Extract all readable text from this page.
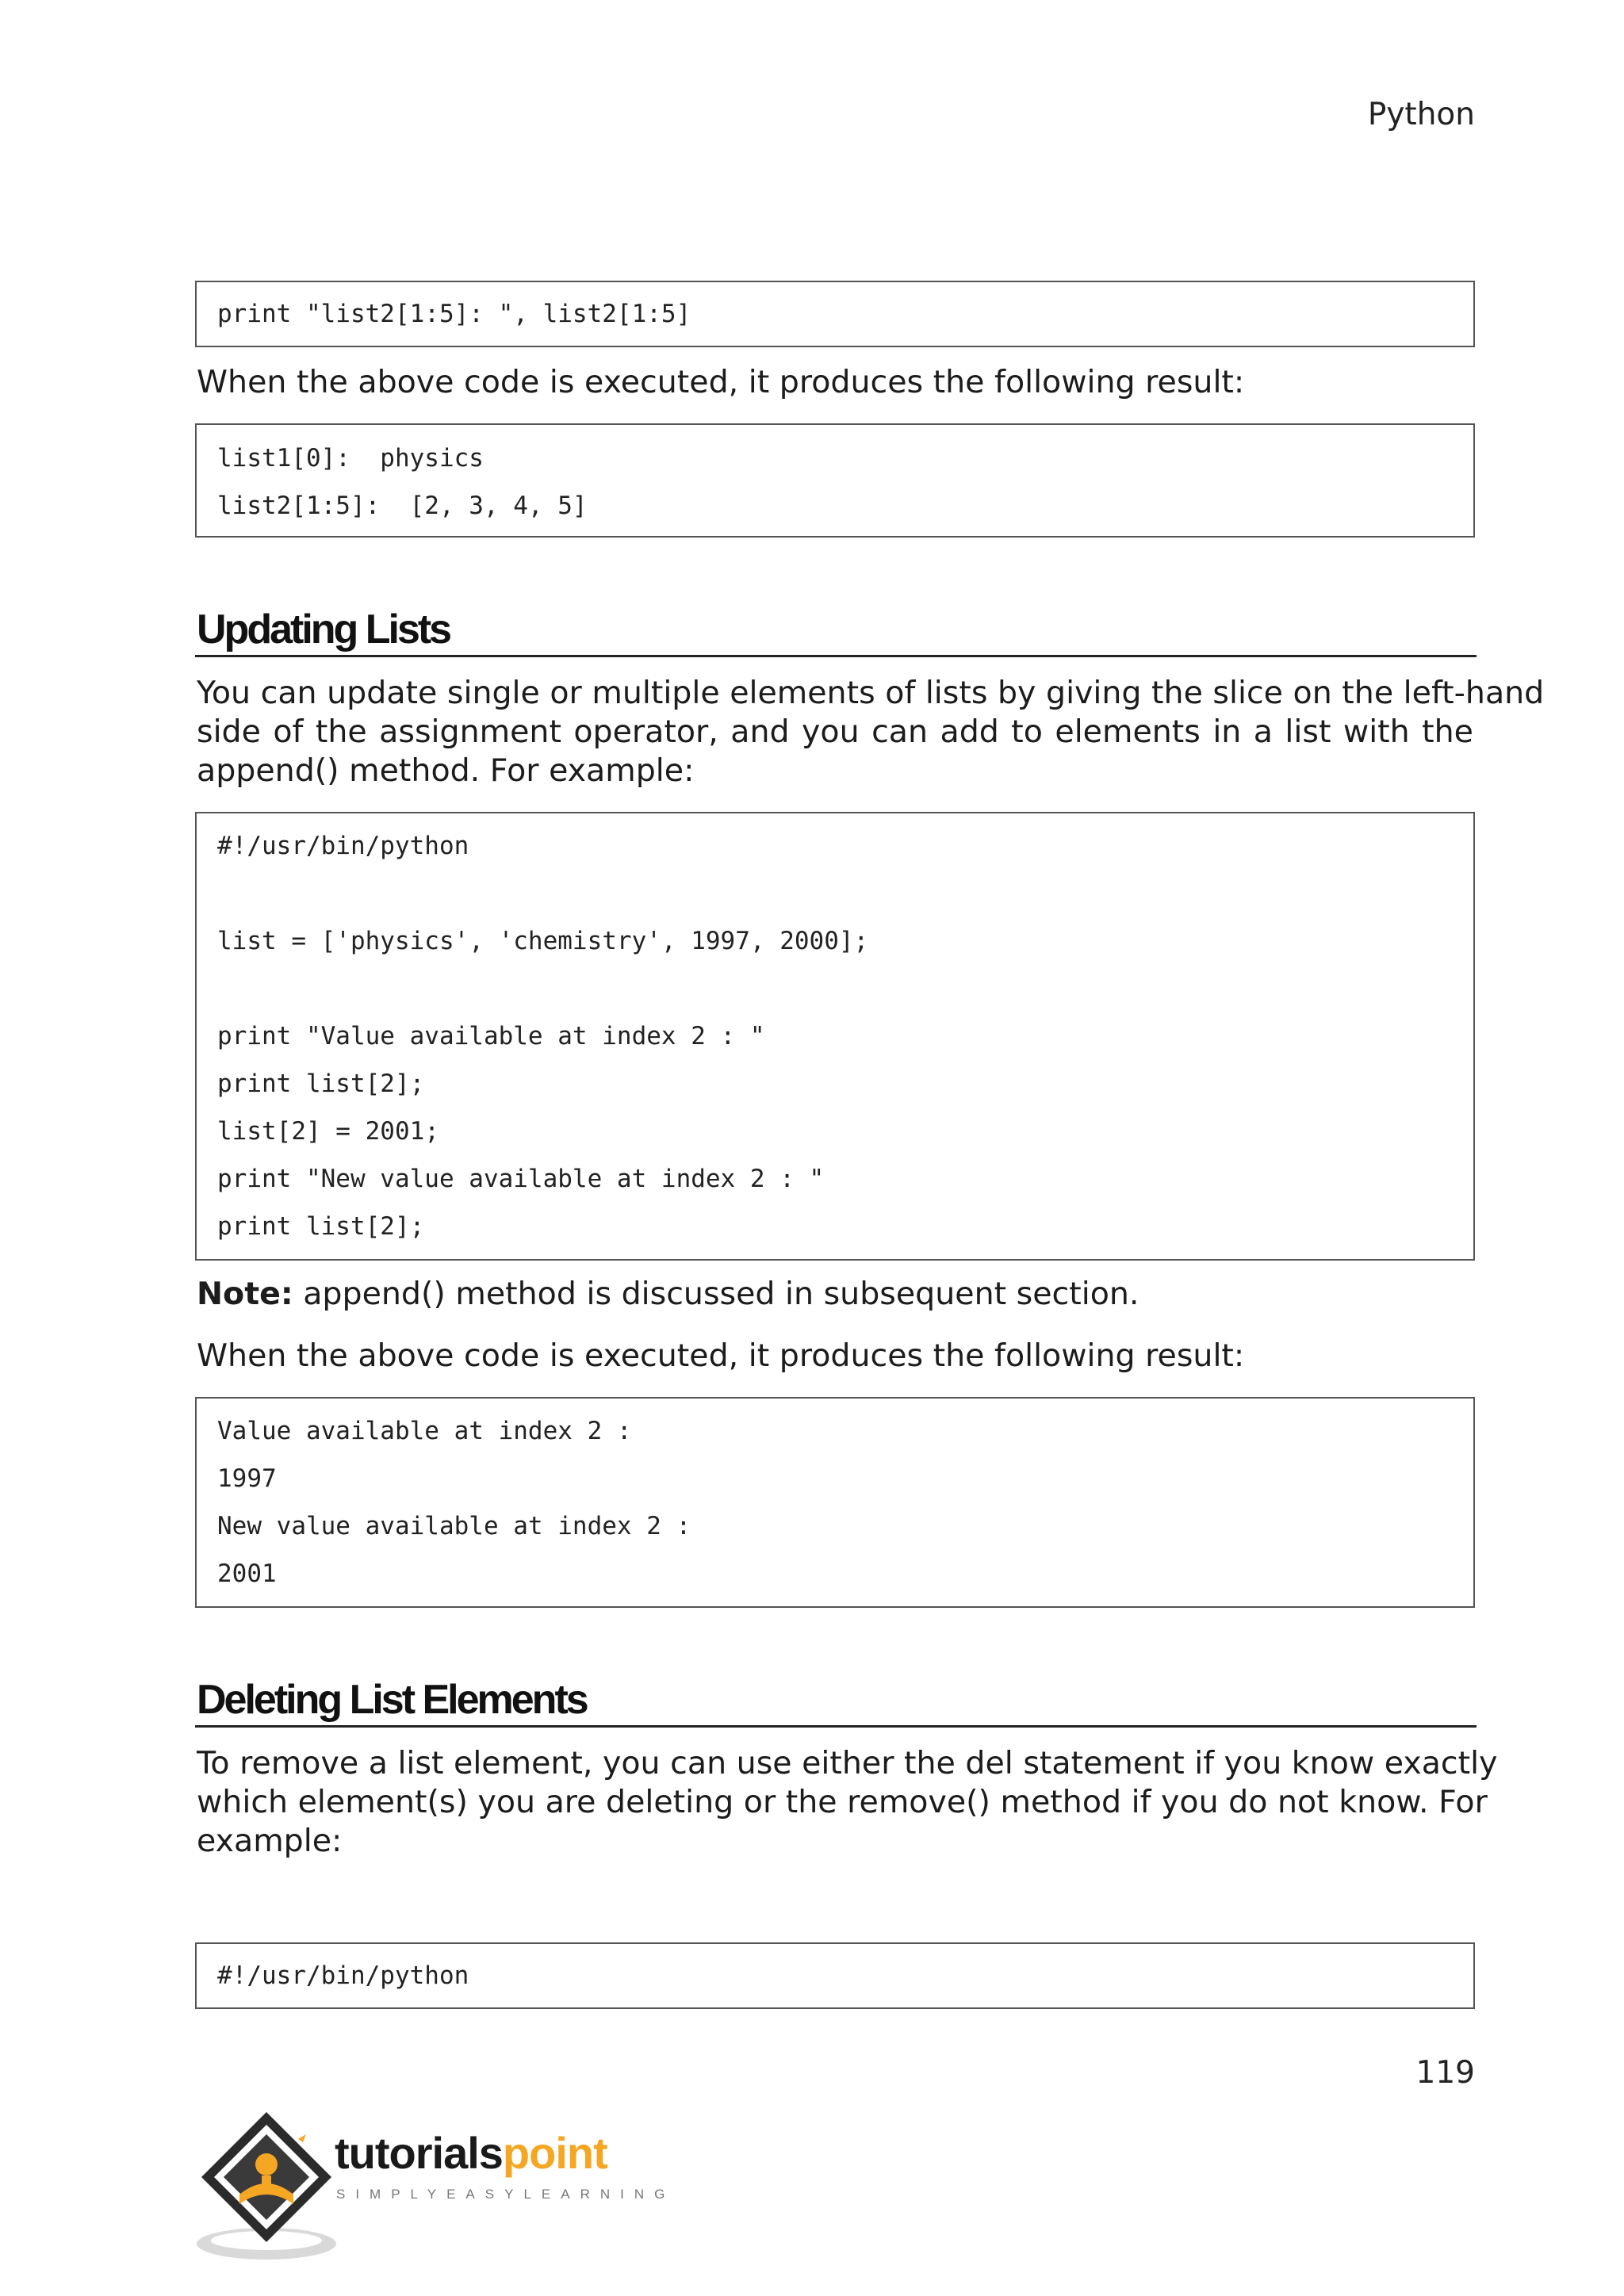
Python
print "list2[1:5]: ", list2[1:5]
When the above code is executed, it produces the following result:
list1[0]:  physics
list2[1:5]:  [2, 3, 4, 5]
Updating Lists
You can update single or multiple elements of lists by giving the slice on the left-hand
side of the assignment operator, and you can add to elements in a list with the
append() method. For example:
#!/usr/bin/python
list = ['physics', 'chemistry', 1997, 2000];
print "Value available at index 2 : "
print list[2];
list[2] = 2001;
print "New value available at index 2 : "
print list[2];
Note: append() method is discussed in subsequent section.
When the above code is executed, it produces the following result:
Value available at index 2 :
1997
New value available at index 2 :
2001
Deleting List Elements
To remove a list element, you can use either the del statement if you know exactly
which element(s) you are deleting or the remove() method if you do not know. For
example:
#!/usr/bin/python
119
tutorialspoint
SIMPLYEASYLEARNING
